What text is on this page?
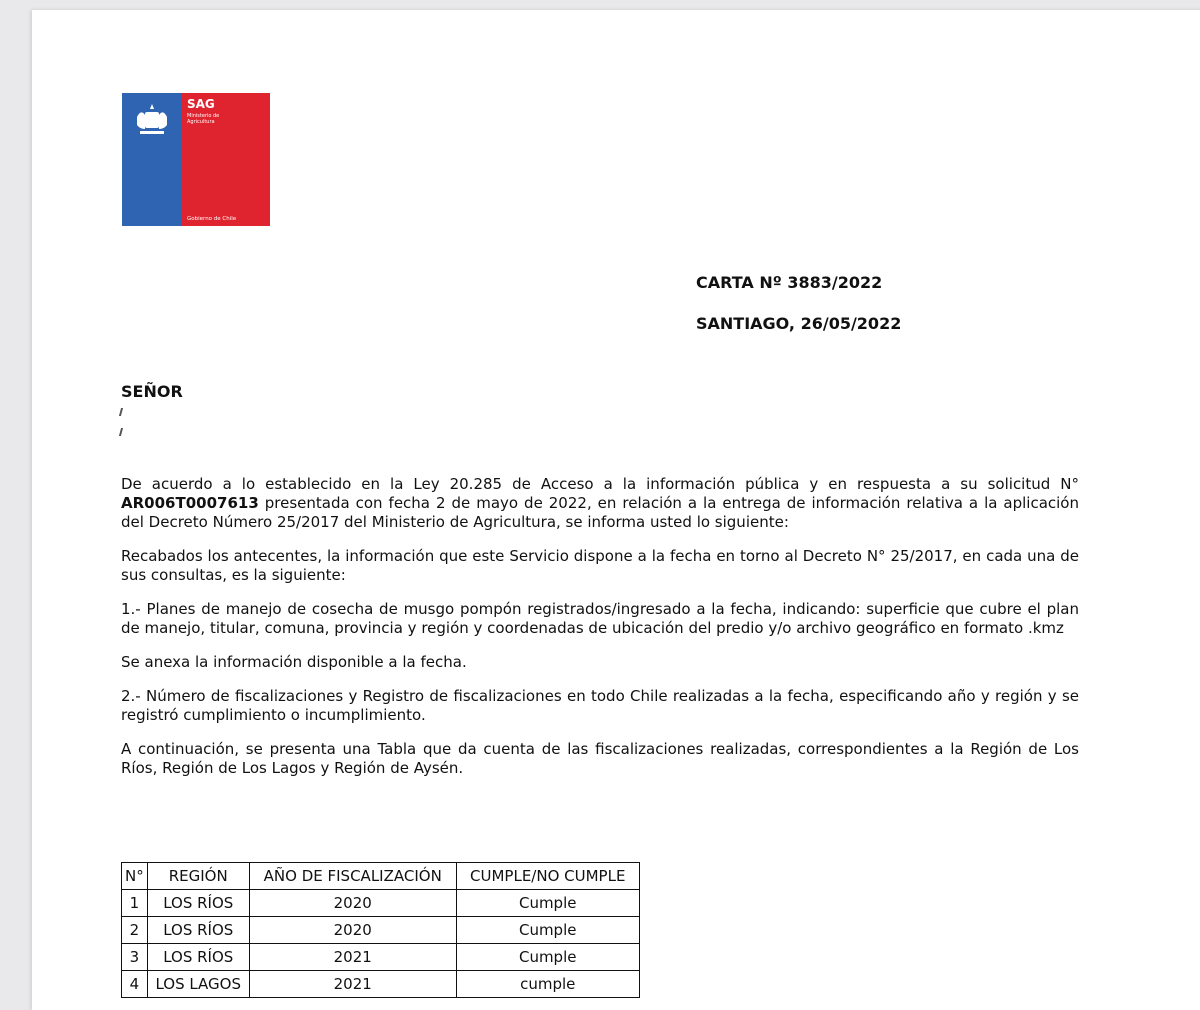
SAG
Ministerio de Agricultura
Gobierno de Chile
CARTA Nº 3883/2022
SANTIAGO, 26/05/2022
SEÑOR

De acuerdo a lo establecido en la Ley 20.285 de Acceso a la información pública y en respuesta a su solicitud N° AR006T0007613 presentada con fecha 2 de mayo de 2022, en relación a la entrega de información relativa a la aplicación del Decreto Número 25/2017 del Ministerio de Agricultura, se informa usted lo siguiente:

Recabados los antecentes, la información que este Servicio dispone a la fecha en torno al Decreto N° 25/2017, en cada una de sus consultas, es la siguiente:

1.- Planes de manejo de cosecha de musgo pompón registrados/ingresado a la fecha, indicando: superficie que cubre el plan de manejo, titular, comuna, provincia y región y coordenadas de ubicación del predio y/o archivo geográfico en formato .kmz

Se anexa la información disponible a la fecha.

2.- Número de fiscalizaciones y Registro de fiscalizaciones en todo Chile realizadas a la fecha, especificando año y región y se registró cumplimiento o incumplimiento.

A continuación, se presenta una Tabla que da cuenta de las fiscalizaciones realizadas, correspondientes a la Región de Los Ríos, Región de Los Lagos y Región de Aysén.

N°	REGIÓN	AÑO DE FISCALIZACIÓN	CUMPLE/NO CUMPLE
1	LOS RÍOS	2020	Cumple
2	LOS RÍOS	2020	Cumple
3	LOS RÍOS	2021	Cumple
4	LOS LAGOS	2021	cumple
